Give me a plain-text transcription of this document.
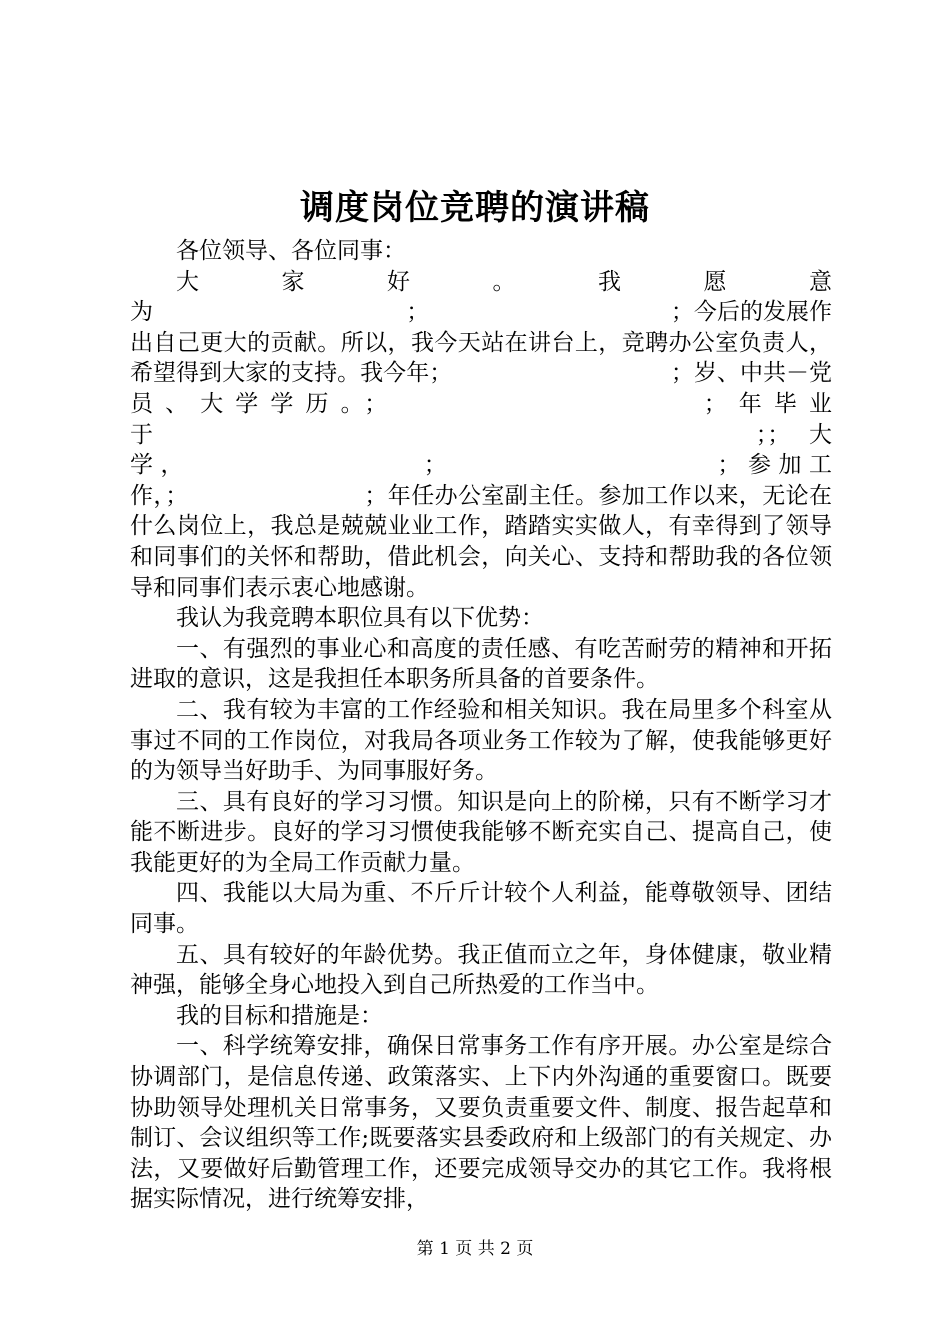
调度岗位竞聘的演讲稿

各位领导、各位同事：

大家好。我愿意为　　　　　　　　　　　；　　　　　　　　　　　；今后的发展作出自己更大的贡献。所以，我今天站在讲台上，竞聘办公室负责人，希望得到大家的支持。我今年；　　　　　　　　　　；岁、中共－党员、大学学历。；　　　　　　　　　；年毕业于　　　　　　　　　　　　　　；；大学，　　　　　　　　；　　　　　　　　　；参加工作，；　　　　　　　　；年任办公室副主任。参加工作以来，无论在什么岗位上，我总是兢兢业业工作，踏踏实实做人，有幸得到了领导和同事们的关怀和帮助，借此机会，向关心、支持和帮助我的各位领导和同事们表示衷心地感谢。

我认为我竞聘本职位具有以下优势：

一、有强烈的事业心和高度的责任感、有吃苦耐劳的精神和开拓进取的意识，这是我担任本职务所具备的首要条件。

二、我有较为丰富的工作经验和相关知识。我在局里多个科室从事过不同的工作岗位，对我局各项业务工作较为了解，使我能够更好的为领导当好助手、为同事服好务。

三、具有良好的学习习惯。知识是向上的阶梯，只有不断学习才能不断进步。良好的学习习惯使我能够不断充实自己、提高自己，使我能更好的为全局工作贡献力量。

四、我能以大局为重、不斤斤计较个人利益，能尊敬领导、团结同事。

五、具有较好的年龄优势。我正值而立之年，身体健康，敬业精神强，能够全身心地投入到自己所热爱的工作当中。

我的目标和措施是：

一、科学统筹安排，确保日常事务工作有序开展。办公室是综合协调部门，是信息传递、政策落实、上下内外沟通的重要窗口。既要协助领导处理机关日常事务，又要负责重要文件、制度、报告起草和制订、会议组织等工作;既要落实县委政府和上级部门的有关规定、办法，又要做好后勤管理工作，还要完成领导交办的其它工作。我将根据实际情况，进行统筹安排，

第 1 页 共 2 页
